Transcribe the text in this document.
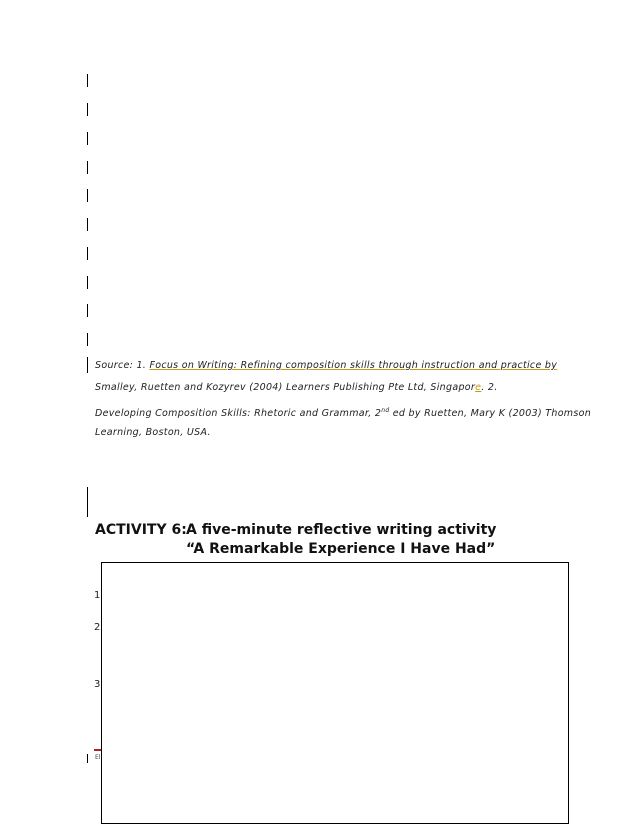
Source: 1. Focus on Writing: Refining composition skills through instruction and practice by
Smalley, Ruetten and Kozyrev (2004) Learners Publishing Pte Ltd, Singapore. 2.
Developing Composition Skills: Rhetoric and Grammar, 2nd ed by Ruetten, Mary K (2003) Thomson
Learning, Boston, USA.
ACTIVITY 6: A five-minute reflective writing activity
“A Remarkable Experience I Have Had”
1
2
3
El
